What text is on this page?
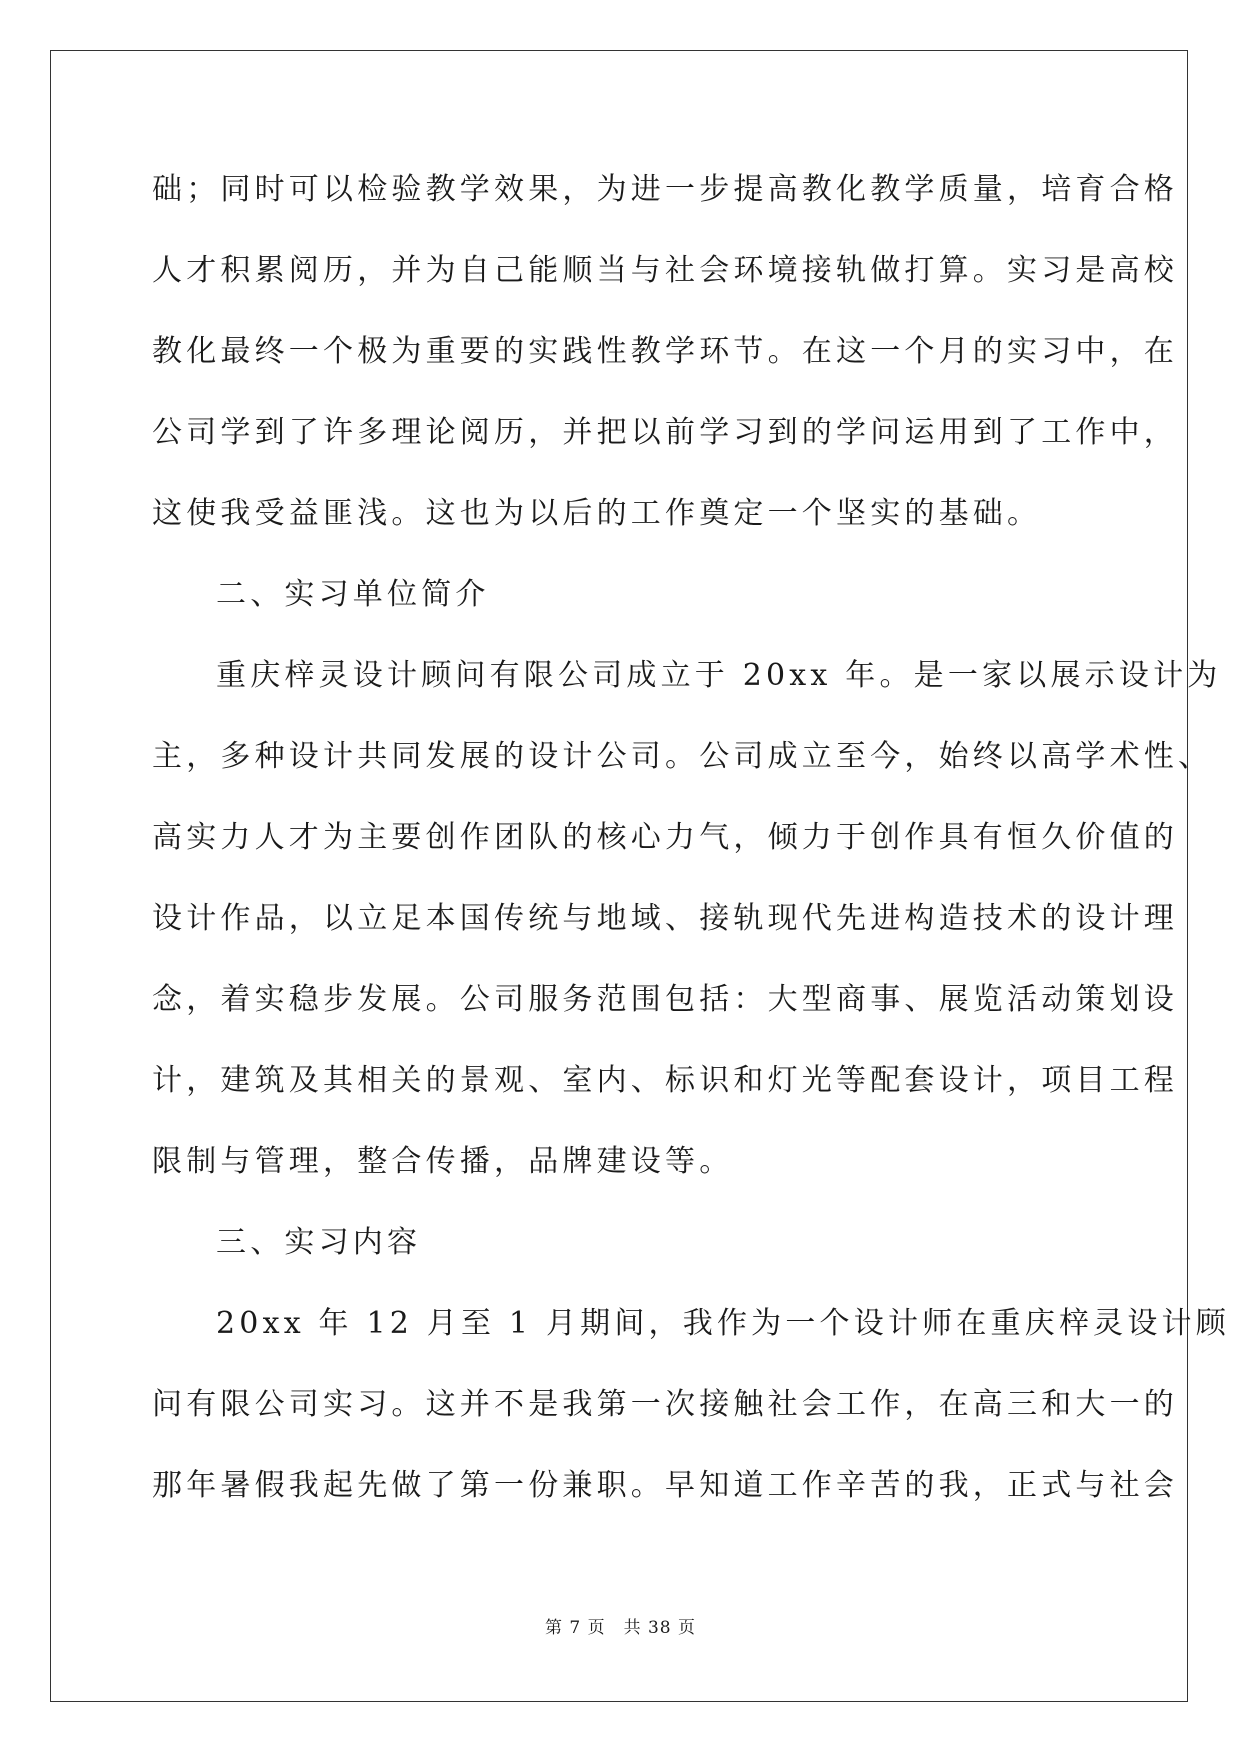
础；同时可以检验教学效果，为进一步提高教化教学质量，培育合格
人才积累阅历，并为自己能顺当与社会环境接轨做打算。实习是高校
教化最终一个极为重要的实践性教学环节。在这一个月的实习中，在
公司学到了许多理论阅历，并把以前学习到的学问运用到了工作中，
这使我受益匪浅。这也为以后的工作奠定一个坚实的基础。
二、实习单位简介
重庆梓灵设计顾问有限公司成立于 20xx 年。是一家以展示设计为
主，多种设计共同发展的设计公司。公司成立至今，始终以高学术性、
高实力人才为主要创作团队的核心力气，倾力于创作具有恒久价值的
设计作品，以立足本国传统与地域、接轨现代先进构造技术的设计理
念，着实稳步发展。公司服务范围包括：大型商事、展览活动策划设
计，建筑及其相关的景观、室内、标识和灯光等配套设计，项目工程
限制与管理，整合传播，品牌建设等。
三、实习内容
20xx 年 12 月至 1 月期间，我作为一个设计师在重庆梓灵设计顾
问有限公司实习。这并不是我第一次接触社会工作，在高三和大一的
那年暑假我起先做了第一份兼职。早知道工作辛苦的我，正式与社会
第 7 页　共 38 页
